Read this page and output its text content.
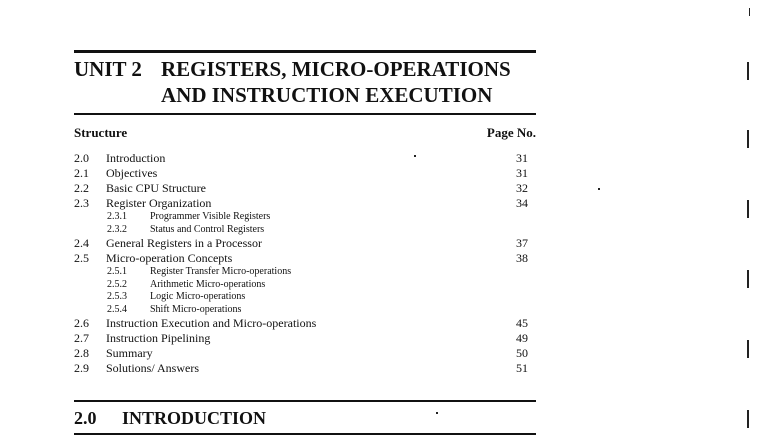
UNIT 2 REGISTERS, MICRO-OPERATIONS
AND INSTRUCTION EXECUTION
Structure	Page No.
2.0 Introduction	31
2.1 Objectives	31
2.2 Basic CPU Structure	32
2.3 Register Organization	34
2.3.1 Programmer Visible Registers
2.3.2 Status and Control Registers
2.4 General Registers in a Processor	37
2.5 Micro-operation Concepts	38
2.5.1 Register Transfer Micro-operations
2.5.2 Arithmetic Micro-operations
2.5.3 Logic Micro-operations
2.5.4 Shift Micro-operations
2.6 Instruction Execution and Micro-operations	45
2.7 Instruction Pipelining	49
2.8 Summary	50
2.9 Solutions/ Answers	51
2.0 INTRODUCTION
